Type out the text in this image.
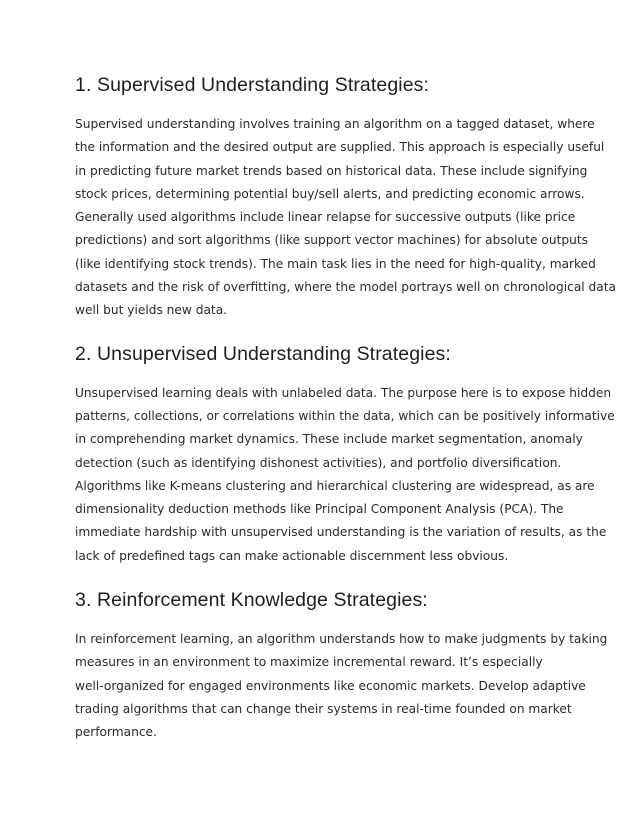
1. Supervised Understanding Strategies:

Supervised understanding involves training an algorithm on a tagged dataset, where
the information and the desired output are supplied. This approach is especially useful
in predicting future market trends based on historical data. These include signifying
stock prices, determining potential buy/sell alerts, and predicting economic arrows.
Generally used algorithms include linear relapse for successive outputs (like price
predictions) and sort algorithms (like support vector machines) for absolute outputs
(like identifying stock trends). The main task lies in the need for high-quality, marked
datasets and the risk of overfitting, where the model portrays well on chronological data
well but yields new data.

2. Unsupervised Understanding Strategies:

Unsupervised learning deals with unlabeled data. The purpose here is to expose hidden
patterns, collections, or correlations within the data, which can be positively informative
in comprehending market dynamics. These include market segmentation, anomaly
detection (such as identifying dishonest activities), and portfolio diversification.
Algorithms like K-means clustering and hierarchical clustering are widespread, as are
dimensionality deduction methods like Principal Component Analysis (PCA). The
immediate hardship with unsupervised understanding is the variation of results, as the
lack of predefined tags can make actionable discernment less obvious.

3. Reinforcement Knowledge Strategies:

In reinforcement learning, an algorithm understands how to make judgments by taking
measures in an environment to maximize incremental reward. It’s especially
well-organized for engaged environments like economic markets. Develop adaptive
trading algorithms that can change their systems in real-time founded on market
performance.
